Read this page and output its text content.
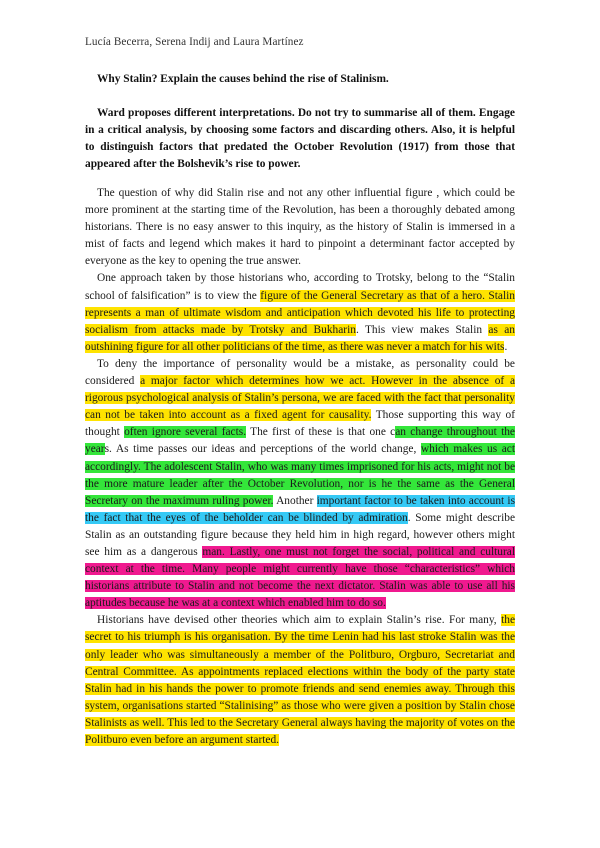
Lucía Becerra, Serena Indij and Laura Martínez
Why Stalin? Explain the causes behind the rise of Stalinism.
Ward proposes different interpretations. Do not try to summarise all of them. Engage in a critical analysis, by choosing some factors and discarding others. Also, it is helpful to distinguish factors that predated the October Revolution (1917) from those that appeared after the Bolshevik’s rise to power.

The question of why did Stalin rise and not any other influential figure , which could be more prominent at the starting time of the Revolution, has been a thoroughly debated among historians. There is no easy answer to this inquiry, as the history of Stalin is immersed in a mist of facts and legend which makes it hard to pinpoint a determinant factor accepted by everyone as the key to opening the true answer.

One approach taken by those historians who, according to Trotsky, belong to the “Stalin school of falsification” is to view the figure of the General Secretary as that of a hero. Stalin represents a man of ultimate wisdom and anticipation which devoted his life to protecting socialism from attacks made by Trotsky and Bukharin. This view makes Stalin as an outshining figure for all other politicians of the time, as there was never a match for his wits.

To deny the importance of personality would be a mistake, as personality could be considered a major factor which determines how we act. However in the absence of a rigorous psychological analysis of Stalin’s persona, we are faced with the fact that personality can not be taken into account as a fixed agent for causality. Those supporting this way of thought often ignore several facts. The first of these is that one can change throughout the years. As time passes our ideas and perceptions of the world change, which makes us act accordingly. The adolescent Stalin, who was many times imprisoned for his acts, might not be the more mature leader after the October Revolution, nor is he the same as the General Secretary on the maximum ruling power. Another important factor to be taken into account is the fact that the eyes of the beholder can be blinded by admiration. Some might describe Stalin as an outstanding figure because they held him in high regard, however others might see him as a dangerous man. Lastly, one must not forget the social, political and cultural context at the time. Many people might currently have those “characteristics” which historians attribute to Stalin and not become the next dictator. Stalin was able to use all his aptitudes because he was at a context which enabled him to do so.

Historians have devised other theories which aim to explain Stalin’s rise. For many, the secret to his triumph is his organisation. By the time Lenin had his last stroke Stalin was the only leader who was simultaneously a member of the Politburo, Orgburo, Secretariat and Central Committee. As appointments replaced elections within the body of the party state Stalin had in his hands the power to promote friends and send enemies away. Through this system, organisations started “Stalinising” as those who were given a position by Stalin chose Stalinists as well. This led to the Secretary General always having the majority of votes on the Politburo even before an argument started.
